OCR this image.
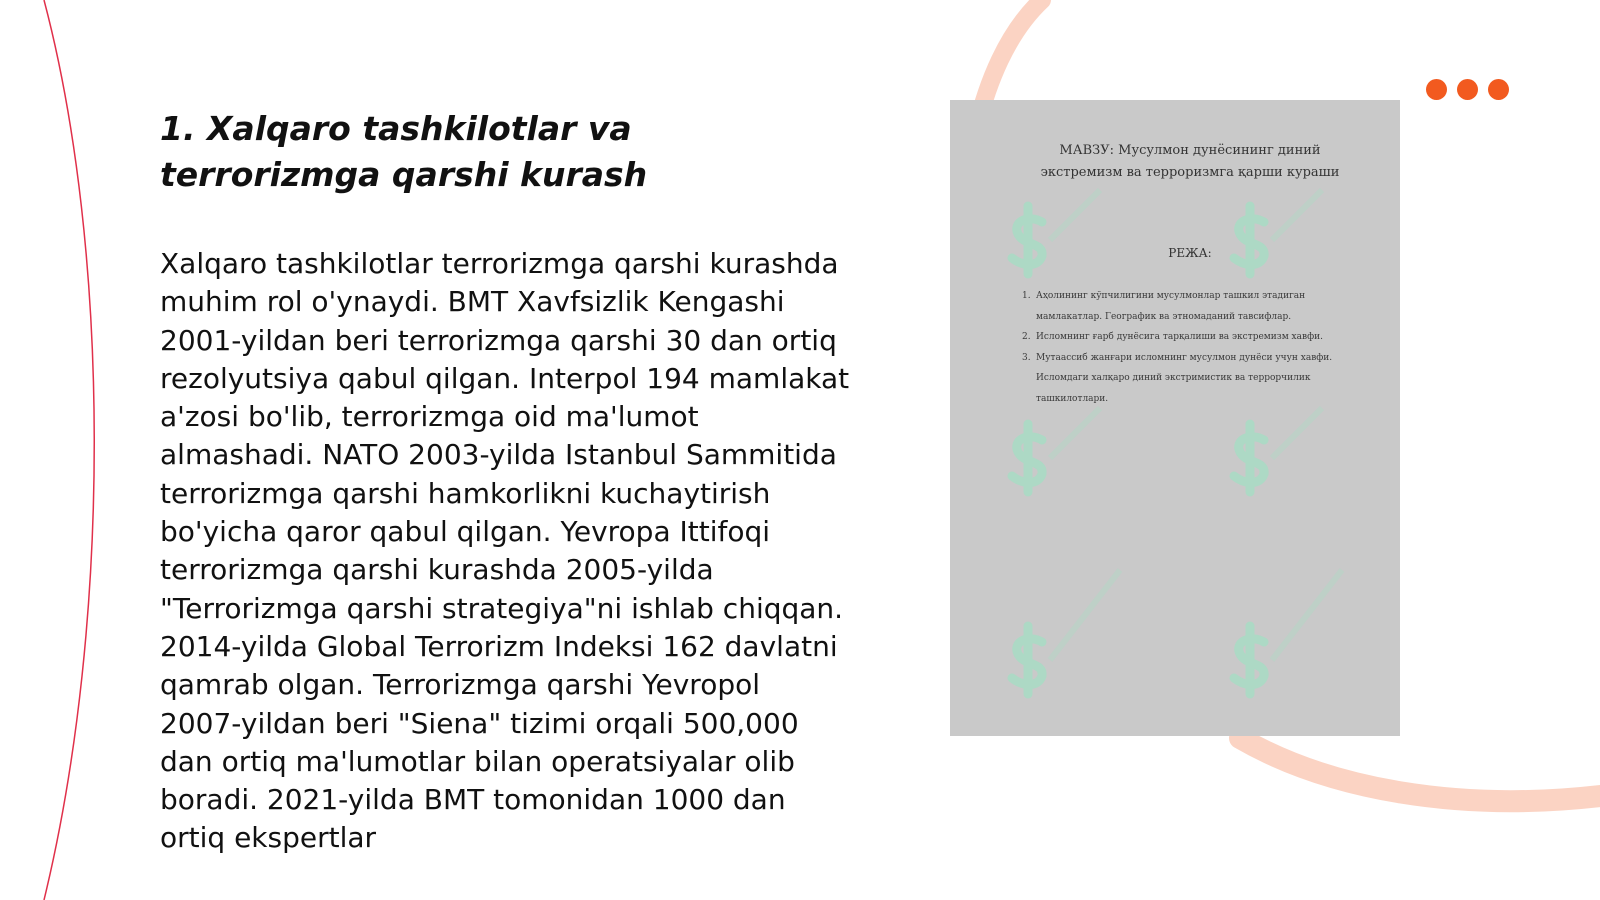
1. Xalqaro tashkilotlar va terrorizmga qarshi kurash

Xalqaro tashkilotlar terrorizmga qarshi kurashda muhim rol o'ynaydi. BMT Xavfsizlik Kengashi 2001-yildan beri terrorizmga qarshi 30 dan ortiq rezolyutsiya qabul qilgan. Interpol 194 mamlakat a'zosi bo'lib, terrorizmga oid ma'lumot almashadi. NATO 2003-yilda Istanbul Sammitida terrorizmga qarshi hamkorlikni kuchaytirish bo'yicha qaror qabul qilgan. Yevropa Ittifoqi terrorizmga qarshi kurashda 2005-yilda "Terrorizmga qarshi strategiya"ni ishlab chiqqan. 2014-yilda Global Terrorizm Indeksi 162 davlatni qamrab olgan. Terrorizmga qarshi Yevropol 2007-yildan beri "Siena" tizimi orqali 500,000 dan ortiq ma'lumotlar bilan operatsiyalar olib boradi. 2021-yilda BMT tomonidan 1000 dan ortiq ekspertlar

МАВЗУ: Мусулмон дунёсининг диний
экстремизм ва терроризмга қарши кураши
РЕЖА:
1. Аҳолининг кўпчилигини мусулмонлар ташкил этадиган
мамлакатлар. Географик ва этномаданий тавсифлар.
2. Исломнинг ғарб дунёсига тарқалиши ва экстремизм хавфи.
3. Мутаассиб жанғари исломнинг мусулмон дунёси учун хавфи.
Исломдаги халқаро диний экстримистик ва террорчилик
ташкилотлари.
